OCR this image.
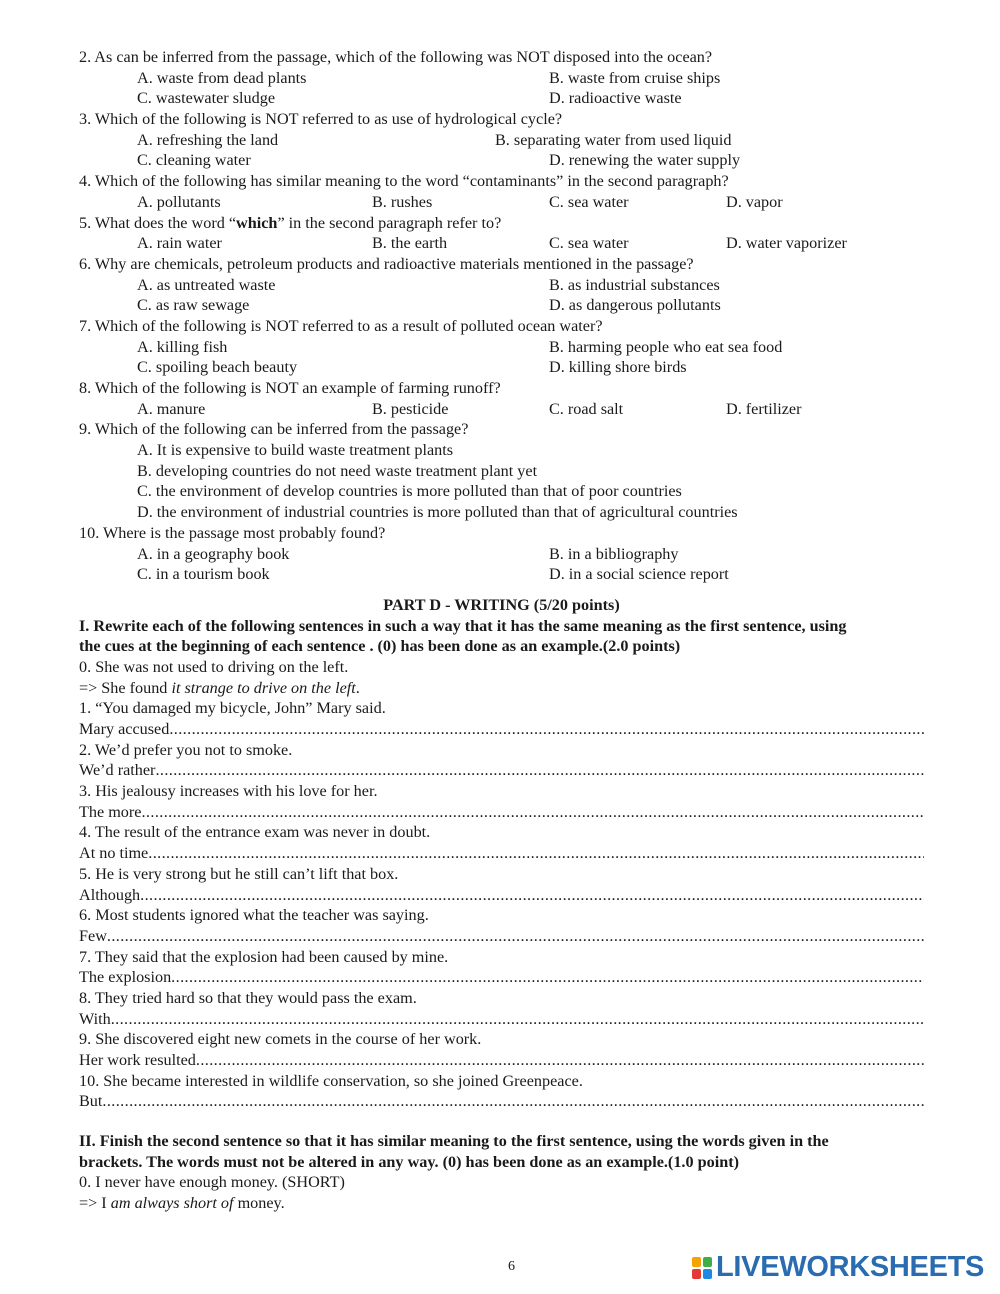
2. As can be inferred from the passage, which of the following was NOT disposed into the ocean?
A. waste from dead plants	B. waste from cruise ships
C. wastewater sludge	D. radioactive waste
3. Which of the following is NOT referred to as use of hydrological cycle?
A. refreshing the land	B. separating water from used liquid
C. cleaning water	D. renewing the water supply
4. Which of the following has similar meaning to the word “contaminants” in the second paragraph?
A. pollutants	B. rushes	C. sea water	D. vapor
5. What does the word “which” in the second paragraph refer to?
A. rain water	B. the earth	C. sea water	D. water vaporizer
6. Why are chemicals, petroleum products and radioactive materials mentioned in the passage?
A. as untreated waste	B. as industrial substances
C. as raw sewage	D. as dangerous pollutants
7. Which of the following is NOT referred to as a result of polluted ocean water?
A. killing fish	B. harming people who eat sea food
C. spoiling beach beauty	D. killing shore birds
8. Which of the following is NOT an example of farming runoff?
A. manure	B. pesticide	C. road salt	D. fertilizer
9. Which of the following can be inferred from the passage?
A. It is expensive to build waste treatment plants
B. developing countries do not need waste treatment plant yet
C. the environment of develop countries is more polluted than that of poor countries
D. the environment of industrial countries is more polluted than that of agricultural countries
10. Where is the passage most probably found?
A. in a geography book	B. in a bibliography
C. in a tourism book	D. in a social science report
PART D - WRITING (5/20 points)
I. Rewrite each of the following sentences in such a way that it has the same meaning as the first sentence, using
the cues at the beginning of each sentence . (0) has been done as an example.(2.0 points)
0. She was not used to driving on the left.
=> She found it strange to drive on the left.
1. “You damaged my bicycle, John” Mary said.
Mary accused
.....
2. We’d prefer you not to smoke.
We’d rather
.....
3. His jealousy increases with his love for her.
The more
.....
4. The result of the entrance exam was never in doubt.
At no time
.....
5. He is very strong but he still can’t lift that box.
Although
.....
6. Most students ignored what the teacher was saying.
Few
.....
7. They said that the explosion had been caused by mine.
The explosion
.....
8. They tried hard so that they would pass the exam.
With
.....
9. She discovered eight new comets in the course of her work.
Her work resulted
.....
10. She became interested in wildlife conservation, so she joined Greenpeace.
But
.....
II. Finish the second sentence so that it has similar meaning to the first sentence, using the words given in the
brackets. The words must not be altered in any way. (0) has been done as an example.(1.0 point)
0. I never have enough money. (SHORT)
=> I am always short of money.
6	LIVEWORKSHEETS
